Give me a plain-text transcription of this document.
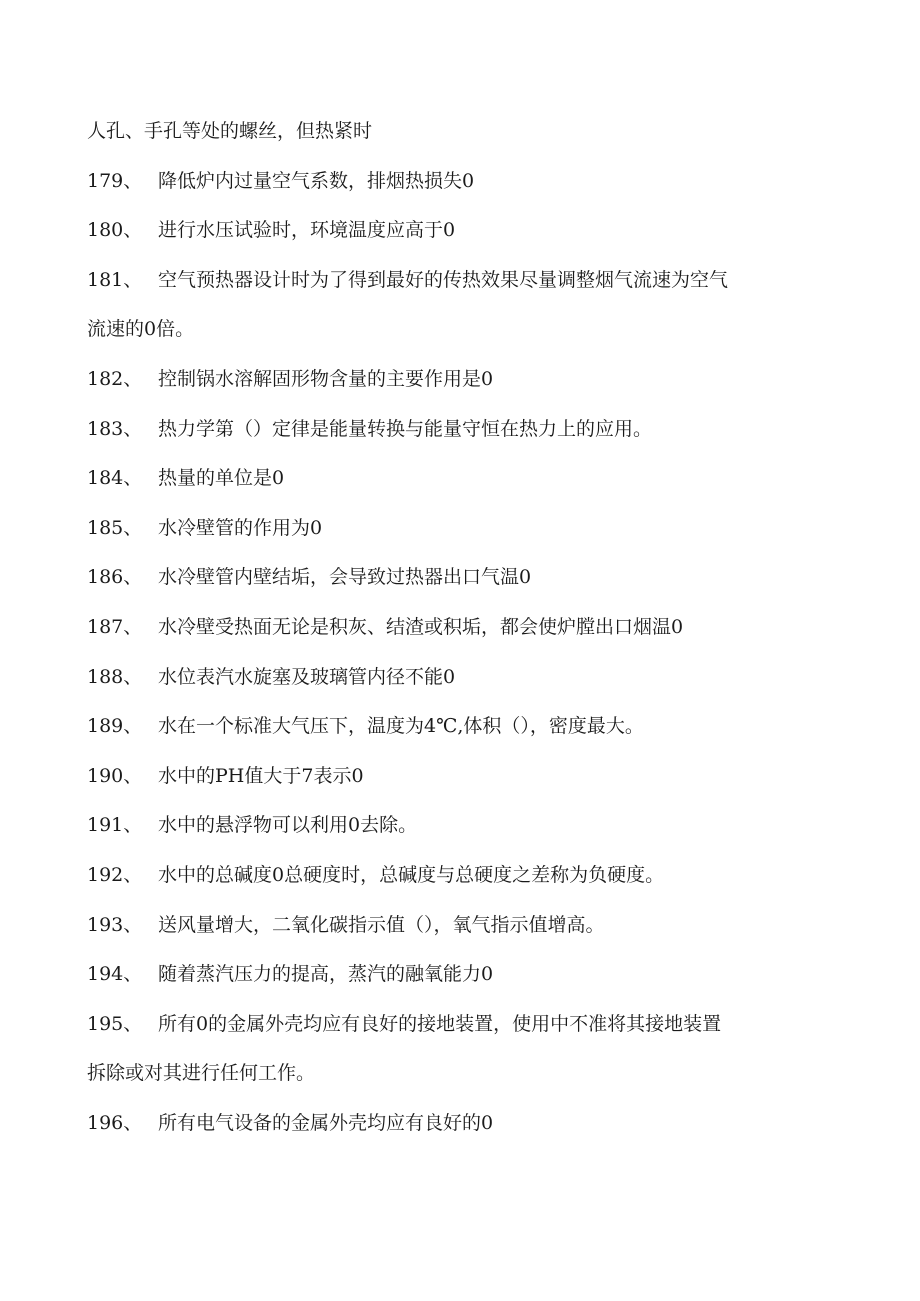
人孔、手孔等处的螺丝，但热紧时
179、 降低炉内过量空气系数，排烟热损失0
180、 进行水压试验时，环境温度应高于0
181、 空气预热器设计时为了得到最好的传热效果尽量调整烟气流速为空气
流速的0倍。
182、 控制锅水溶解固形物含量的主要作用是0
183、 热力学第（）定律是能量转换与能量守恒在热力上的应用。
184、 热量的单位是0
185、 水冷壁管的作用为0
186、 水冷壁管内壁结垢，会导致过热器出口气温0
187、 水冷壁受热面无论是积灰、结渣或积垢，都会使炉膛出口烟温0
188、 水位表汽水旋塞及玻璃管内径不能0
189、 水在一个标准大气压下，温度为4℃,体积（），密度最大。
190、 水中的PH值大于7表示0
191、 水中的悬浮物可以利用0去除。
192、 水中的总碱度0总硬度时，总碱度与总硬度之差称为负硬度。
193、 送风量增大，二氧化碳指示值（），氧气指示值增高。
194、 随着蒸汽压力的提高，蒸汽的融氧能力0
195、 所有0的金属外壳均应有良好的接地装置，使用中不准将其接地装置
拆除或对其进行任何工作。
196、 所有电气设备的金属外壳均应有良好的0
